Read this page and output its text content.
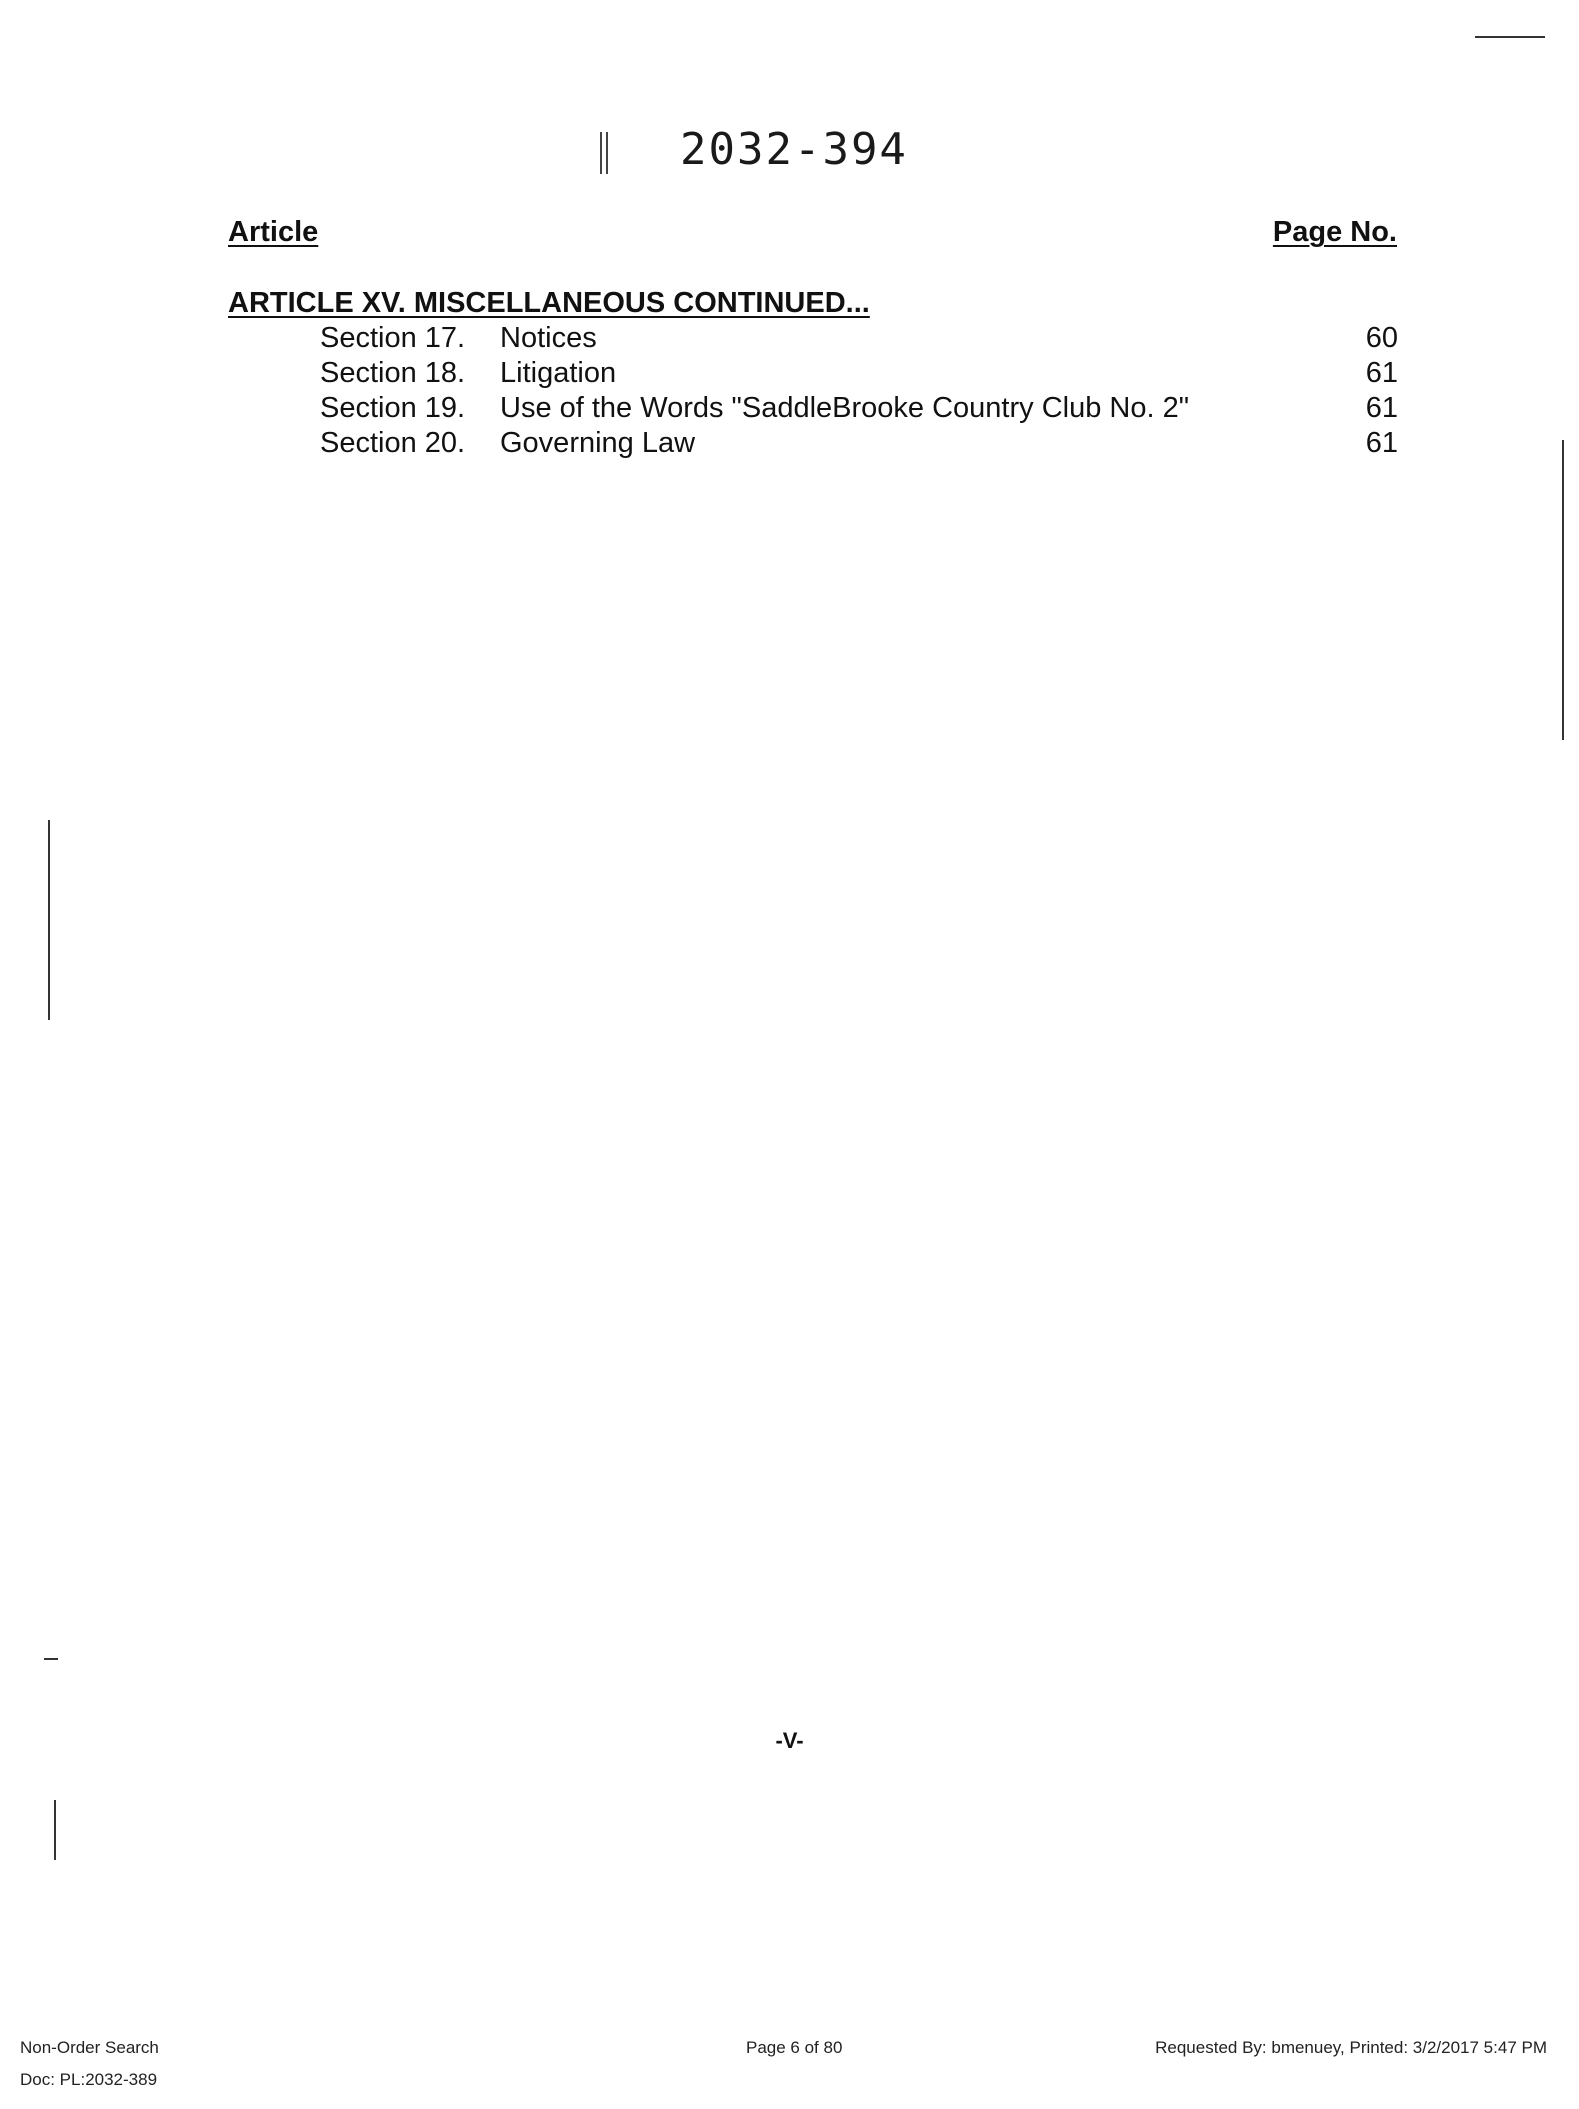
2032-394
Article	Page No.
ARTICLE XV. MISCELLANEOUS CONTINUED...
Section 17.	Notices	60
Section 18.	Litigation	61
Section 19.	Use of the Words "SaddleBrooke Country Club No. 2"	61
Section 20.	Governing Law	61
-V-
Non-Order Search
Doc: PL:2032-389
Page 6 of 80	Requested By: bmenuey, Printed: 3/2/2017 5:47 PM
